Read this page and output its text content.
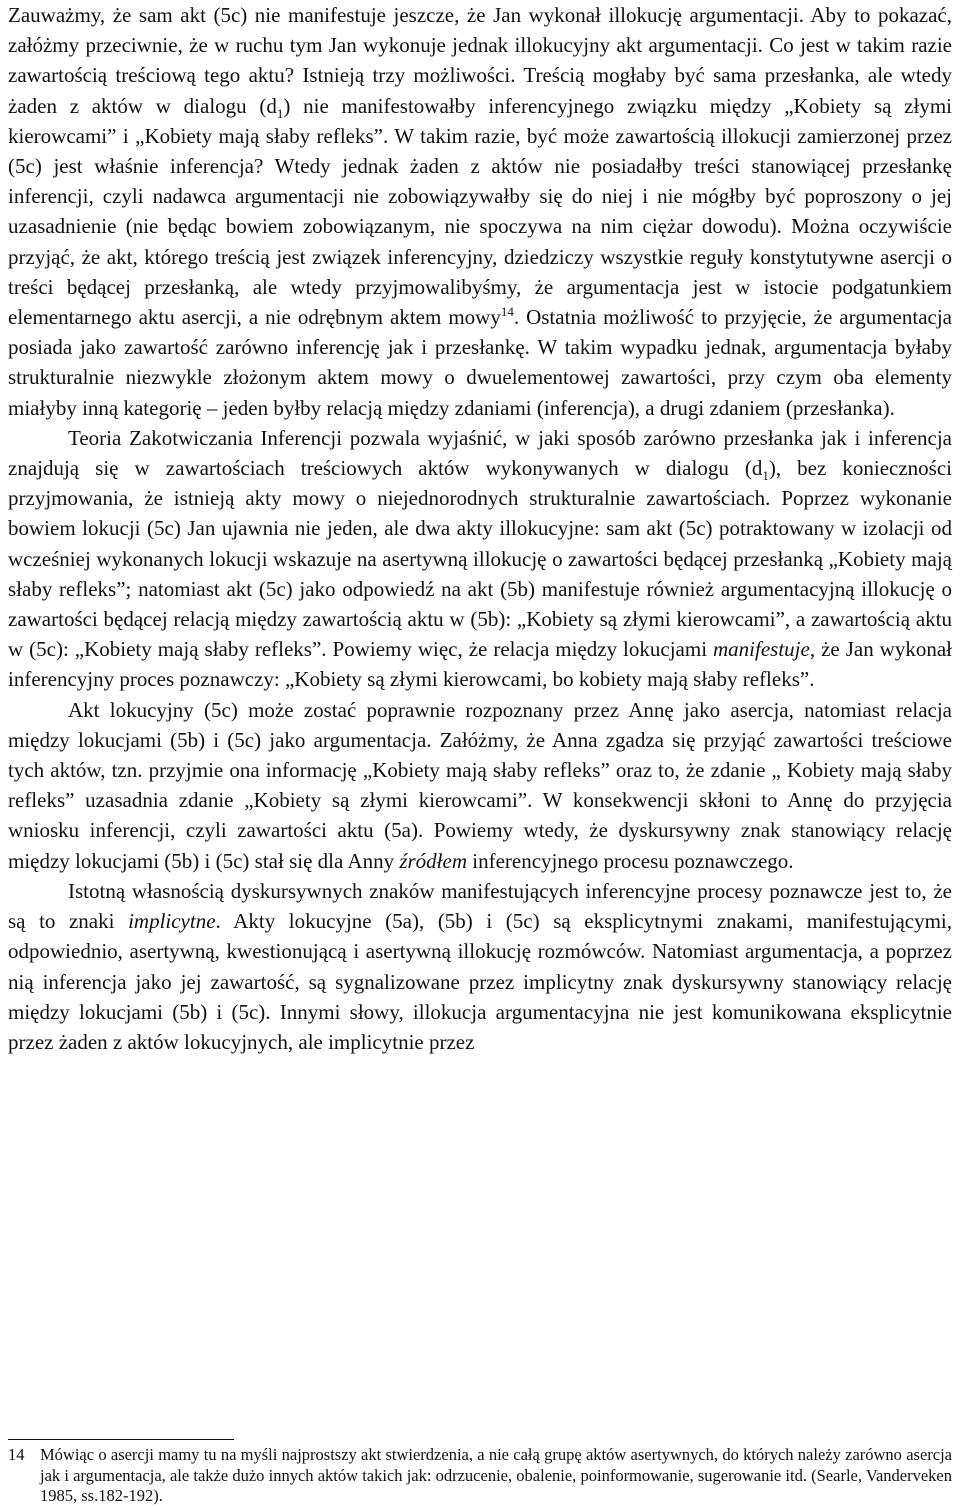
Zauważmy, że sam akt (5c) nie manifestuje jeszcze, że Jan wykonał illokucję argumentacji. Aby to pokazać, załóżmy przeciwnie, że w ruchu tym Jan wykonuje jednak illokucyjny akt argumentacji. Co jest w takim razie zawartością treściową tego aktu? Istnieją trzy możliwości. Treścią mogłaby być sama przesłanka, ale wtedy żaden z aktów w dialogu $(d_1)$ nie manifestowałby inferencyjnego związku między „Kobiety są złymi kierowcami” i „Kobiety mają słaby refleks”. W takim razie, być może zawartością illokucji zamierzonej przez (5c) jest właśnie inferencja? Wtedy jednak żaden z aktów nie posiadałby treści stanowiącej przesłankę inferencji, czyli nadawca argumentacji nie zobowiązywałby się do niej i nie mógłby być poproszony o jej uzasadnienie (nie będąc bowiem zobowiązanym, nie spoczywa na nim ciężar dowodu). Można oczywiście przyjąć, że akt, którego treścią jest związek inferencyjny, dziedziczy wszystkie reguły konstytutywne asercji o treści będącej przesłanką, ale wtedy przyjmowalibyśmy, że argumentacja jest w istocie podgatunkiem elementarnego aktu asercji, a nie odrębnym aktem mowy$^{14}$. Ostatnia możliwość to przyjęcie, że argumentacja posiada jako zawartość zarówno inferencję jak i przesłankę. W takim wypadku jednak, argumentacja byłaby strukturalnie niezwykle złożonym aktem mowy o dwuelementowej zawartości, przy czym oba elementy miałyby inną kategorię – jeden byłby relacją między zdaniami (inferencja), a drugi zdaniem (przesłanka).

Teoria Zakotwiczania Inferencji pozwala wyjaśnić, w jaki sposób zarówno przesłanka jak i inferencja znajdują się w zawartościach treściowych aktów wykonywanych w dialogu $(d_1)$, bez konieczności przyjmowania, że istnieją akty mowy o niejednorodnych strukturalnie zawartościach. Poprzez wykonanie bowiem lokucji (5c) Jan ujawnia nie jeden, ale dwa akty illokucyjne: sam akt (5c) potraktowany w izolacji od wcześniej wykonanych lokucji wskazuje na asertywną illokucję o zawartości będącej przesłanką „Kobiety mają słaby refleks”; natomiast akt (5c) jako odpowiedź na akt (5b) manifestuje również argumentacyjną illokucję o zawartości będącej relacją między zawartością aktu w (5b): „Kobiety są złymi kierowcami”, a zawartością aktu w (5c): „Kobiety mają słaby refleks”. Powiemy więc, że relacja między lokucjami manifestuje, że Jan wykonał inferencyjny proces poznawczy: „Kobiety są złymi kierowcami, bo kobiety mają słaby refleks”.

Akt lokucyjny (5c) może zostać poprawnie rozpoznany przez Annę jako asercja, natomiast relacja między lokucjami (5b) i (5c) jako argumentacja. Załóżmy, że Anna zgadza się przyjąć zawartości treściowe tych aktów, tzn. przyjmie ona informację „Kobiety mają słaby refleks” oraz to, że zdanie „ Kobiety mają słaby refleks” uzasadnia zdanie „Kobiety są złymi kierowcami”. W konsekwencji skłoni to Annę do przyjęcia wniosku inferencji, czyli zawartości aktu (5a). Powiemy wtedy, że dyskursywny znak stanowiący relację między lokucjami (5b) i (5c) stał się dla Anny źródłem inferencyjnego procesu poznawczego.

Istotną własnością dyskursywnych znaków manifestujących inferencyjne procesy poznawcze jest to, że są to znaki implicytne. Akty lokucyjne (5a), (5b) i (5c) są eksplicytnymi znakami, manifestującymi, odpowiednio, asertywną, kwestionującą i asertywną illokucję rozmówców. Natomiast argumentacja, a poprzez nią inferencja jako jej zawartość, są sygnalizowane przez implicytny znak dyskursywny stanowiący relację między lokucjami (5b) i (5c). Innymi słowy, illokucja argumentacyjna nie jest komunikowana eksplicytnie przez żaden z aktów lokucyjnych, ale implicytnie przez

14 Mówiąc o asercji mamy tu na myśli najprostszy akt stwierdzenia, a nie całą grupę aktów asertywnych, do których należy zarówno asercja jak i argumentacja, ale także dużo innych aktów takich jak: odrzucenie, obalenie, poinformowanie, sugerowanie itd. (Searle, Vanderveken 1985, ss.182-192).
